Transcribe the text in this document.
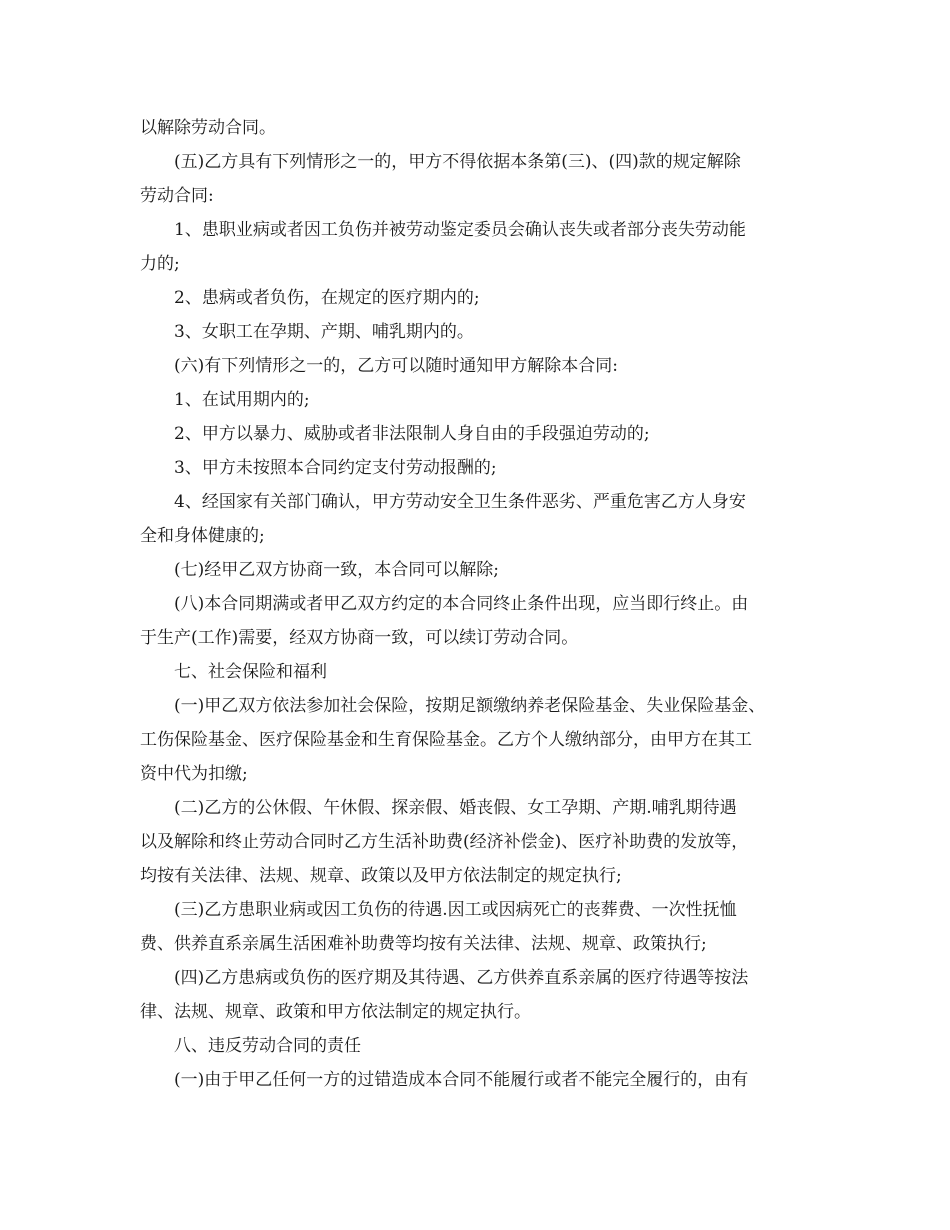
以解除劳动合同。
(五)乙方具有下列情形之一的，甲方不得依据本条第(三)、(四)款的规定解除
劳动合同:
1、患职业病或者因工负伤并被劳动鉴定委员会确认丧失或者部分丧失劳动能
力的;
2、患病或者负伤，在规定的医疗期内的;
3、女职工在孕期、产期、哺乳期内的。
(六)有下列情形之一的，乙方可以随时通知甲方解除本合同:
1、在试用期内的;
2、甲方以暴力、威胁或者非法限制人身自由的手段强迫劳动的;
3、甲方未按照本合同约定支付劳动报酬的;
4、经国家有关部门确认，甲方劳动安全卫生条件恶劣、严重危害乙方人身安
全和身体健康的;
(七)经甲乙双方协商一致，本合同可以解除;
(八)本合同期满或者甲乙双方约定的本合同终止条件出现，应当即行终止。由
于生产(工作)需要，经双方协商一致，可以续订劳动合同。
七、社会保险和福利
(一)甲乙双方依法参加社会保险，按期足额缴纳养老保险基金、失业保险基金、
工伤保险基金、医疗保险基金和生育保险基金。乙方个人缴纳部分，由甲方在其工
资中代为扣缴;
(二)乙方的公休假、午休假、探亲假、婚丧假、女工孕期、产期.哺乳期待遇
以及解除和终止劳动合同时乙方生活补助费(经济补偿金)、医疗补助费的发放等，
均按有关法律、法规、规章、政策以及甲方依法制定的规定执行;
(三)乙方患职业病或因工负伤的待遇.因工或因病死亡的丧葬费、一次性抚恤
费、供养直系亲属生活困难补助费等均按有关法律、法规、规章、政策执行;
(四)乙方患病或负伤的医疗期及其待遇、乙方供养直系亲属的医疗待遇等按法
律、法规、规章、政策和甲方依法制定的规定执行。
八、违反劳动合同的责任
(一)由于甲乙任何一方的过错造成本合同不能履行或者不能完全履行的，由有
